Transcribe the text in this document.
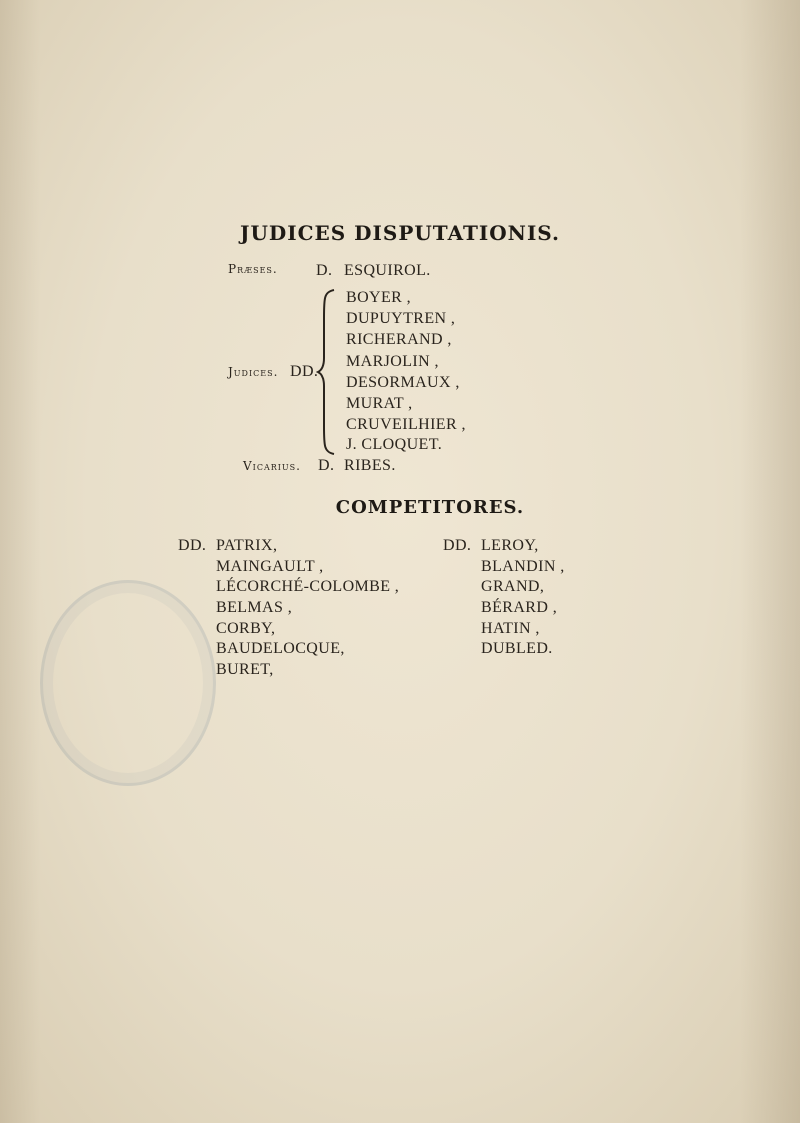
JUDICES DISPUTATIONIS.
Præses. D. ESQUIROL.
Judices. DD.
BOYER ,
DUPUYTREN ,
RICHERAND ,
MARJOLIN ,
DESORMAUX ,
MURAT ,
CRUVEILHIER ,
J. CLOQUET.
Vicarius. D. RIBES.
COMPETITORES.
DD. PATRIX,
MAINGAULT ,
LÉCORCHÉ-COLOMBE ,
BELMAS ,
CORBY,
BAUDELOCQUE,
BURET,
DD. LEROY,
BLANDIN ,
GRAND,
BÉRARD ,
HATIN ,
DUBLED.
